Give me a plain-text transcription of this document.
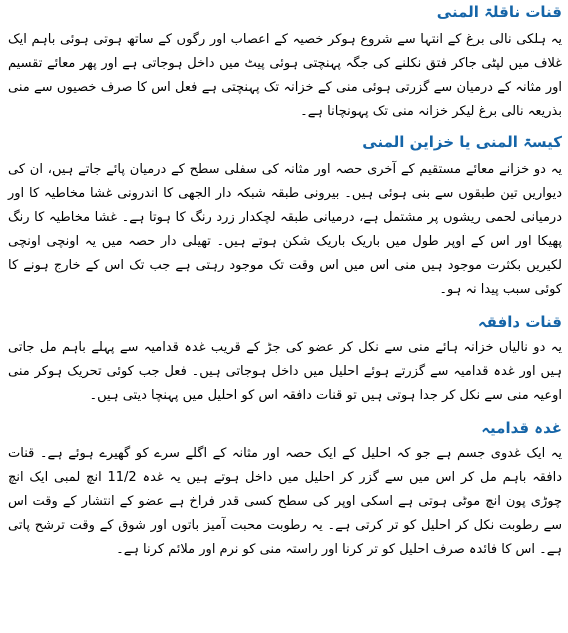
قنات ناقلۃ المنی

یہ ہلکی نالی برغ کے انتہا سے شروع ہوکر خصیہ کے اعصاب اور رگوں کے ساتھ ہوتی ہوئی باہم ایک غلاف میں لپٹی جاکر فتق نکلنے کی جگہ پہنچتی ہوئی پیٹ میں داخل ہوجاتی ہے اور پھر معائے تقسیم اور مثانہ کے درمیان سے گزرتی ہوئی منی کے خزانہ تک پہنچتی ہے فعل اس کا صرف خصیوں سے منی بذریعہ نالی برغ لیکر خزانہ منی تک پہونچانا ہے۔

کیسۃ المنی یا خزاین المنی

یہ دو خزانے معائے مستقیم کے آخری حصہ اور مثانہ کی سفلی سطح کے درمیان پائے جاتے ہیں، ان کی دیواریں تین طبقوں سے بنی ہوئی ہیں۔ بیرونی طبقہ شبکہ دار الجھی کا اندرونی غشا مخاطیہ کا اور درمیانی لحمی ریشوں پر مشتمل ہے، درمیانی طبقہ لچکدار زرد رنگ کا ہوتا ہے۔ غشا مخاطیہ کا رنگ پھیکا اور اس کے اوپر طول میں باریک باریک شکن ہوتے ہیں۔ تھیلی دار حصہ میں یہ اونچی اونچی لکیریں بکثرت موجود ہیں منی اس میں اس وقت تک موجود رہتی ہے جب تک اس کے خارج ہونے کا کوئی سبب پیدا نہ ہو۔

قنات دافقہ

یہ دو نالیاں خزانہ ہائے منی سے نکل کر عضو کی جڑ کے قریب غدہ قدامیہ سے پہلے باہم مل جاتی ہیں اور غدہ قدامیہ سے گزرتے ہوئے احلیل میں داخل ہوجاتی ہیں۔ فعل جب کوئی تحریک ہوکر منی اوعیہ منی سے نکل کر جدا ہوتی ہیں تو قنات دافقہ اس کو احلیل میں پہنچا دیتی ہیں۔

غدہ قدامیہ

یہ ایک غدوی جسم ہے جو کہ احلیل کے ایک حصہ اور مثانہ کے اگلے سرے کو گھیرے ہوئے ہے۔ قنات دافقہ باہم مل کر اس میں سے گزر کر احلیل میں داخل ہوتے ہیں یہ غدہ 11/2 انچ لمبی ایک انچ چوڑی پون انچ موٹی ہوتی ہے اسکی اوپر کی سطح کسی قدر فراخ ہے عضو کے انتشار کے وقت اس سے رطوبت نکل کر احلیل کو تر کرتی ہے۔ یہ رطوبت محبت آمیز باتوں اور شوق کے وقت ترشح پاتی ہے۔ اس کا فائدہ صرف احلیل کو تر کرنا اور راستہ منی کو نرم اور ملائم کرنا ہے۔
